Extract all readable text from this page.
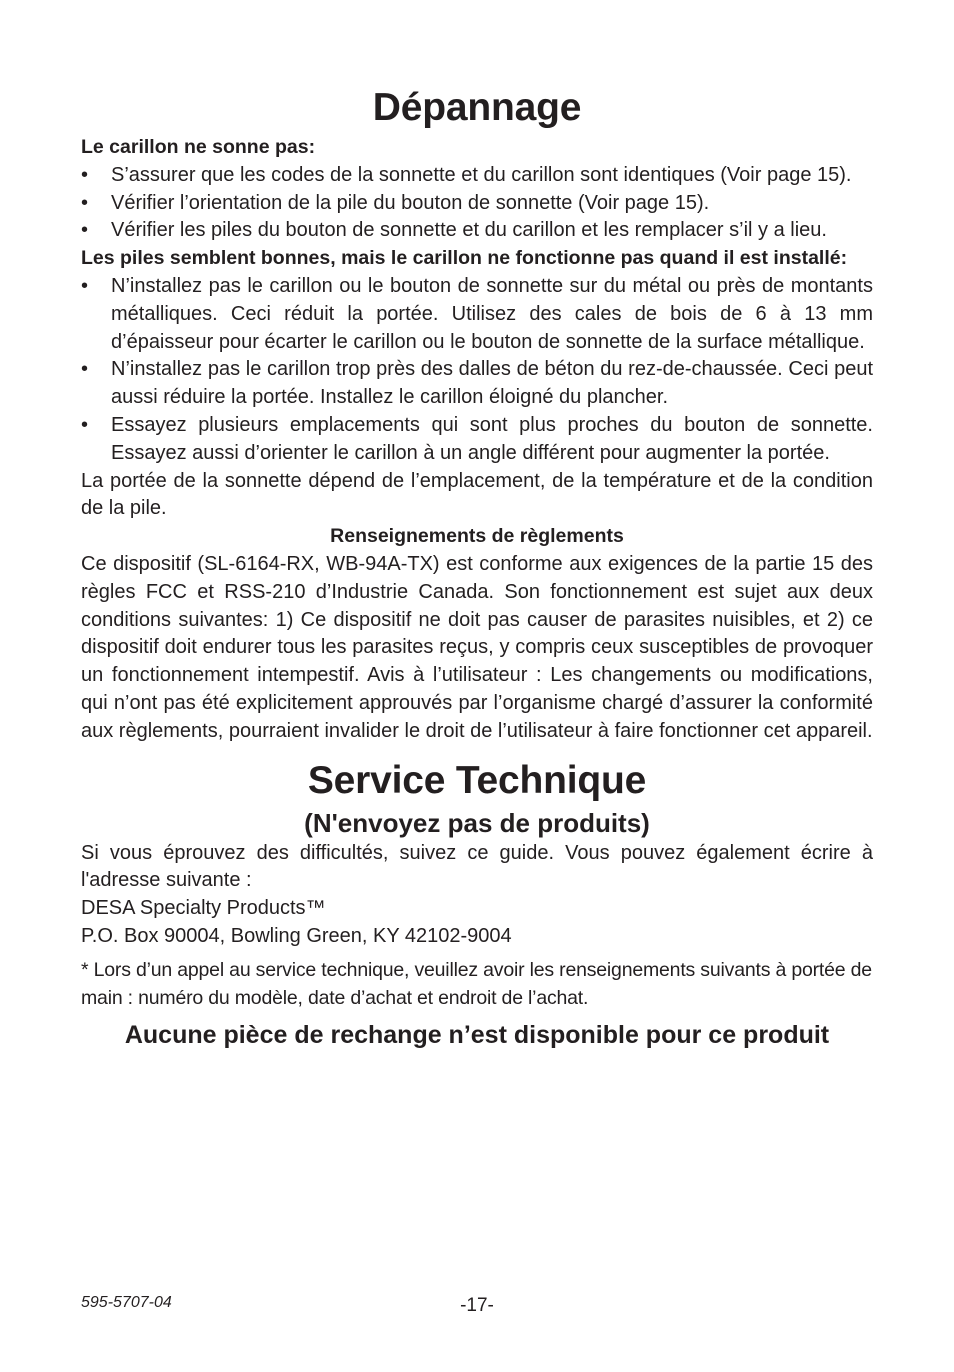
Dépannage
Le carillon ne sonne pas:
• S’assurer que les codes de la sonnette et du carillon sont identiques (Voir page 15).
• Vérifier l’orientation de la pile du bouton de sonnette (Voir page 15).
• Vérifier les piles du bouton de sonnette et du carillon et les remplacer s’il y a lieu.
Les piles semblent bonnes, mais le carillon ne fonctionne pas quand il est installé:
• N’installez pas le carillon ou le bouton de sonnette sur du métal ou près de montants métalliques. Ceci réduit la portée. Utilisez des cales de bois de 6 à 13 mm d’épaisseur pour écarter le carillon ou le bouton de sonnette de la surface métallique.
• N’installez pas le carillon trop près des dalles de béton du rez-de-chaussée. Ceci peut aussi réduire la portée. Installez le carillon éloigné du plancher.
• Essayez plusieurs emplacements qui sont plus proches du bouton de sonnette. Essayez aussi d’orienter le carillon à un angle différent pour augmenter la portée.
La portée de la sonnette dépend de l’emplacement, de la température et de la condition de la pile.
Renseignements de règlements
Ce dispositif (SL-6164-RX, WB-94A-TX) est conforme aux exigences de la partie 15 des règles FCC et RSS-210 d’Industrie Canada. Son fonctionnement est sujet aux deux conditions suivantes: 1) Ce dispositif ne doit pas causer de parasites nuisibles, et 2) ce dispositif doit endurer tous les parasites reçus, y compris ceux susceptibles de provoquer un fonctionnement intempestif. Avis à l’utilisateur : Les changements ou modifications, qui n’ont pas été explicitement approuvés par l’organisme chargé d’assurer la conformité aux règlements, pourraient invalider le droit de l’utilisateur à faire fonctionner cet appareil.
Service Technique
(N'envoyez pas de produits)
Si vous éprouvez des difficultés, suivez ce guide. Vous pouvez également écrire à l'adresse suivante :
DESA Specialty Products™
P.O. Box 90004, Bowling Green, KY 42102-9004
* Lors d’un appel au service technique, veuillez avoir les renseignements suivants à portée de main : numéro du modèle, date d’achat et endroit de l’achat.
Aucune pièce de rechange n’est disponible pour ce produit
595-5707-04	-17-
